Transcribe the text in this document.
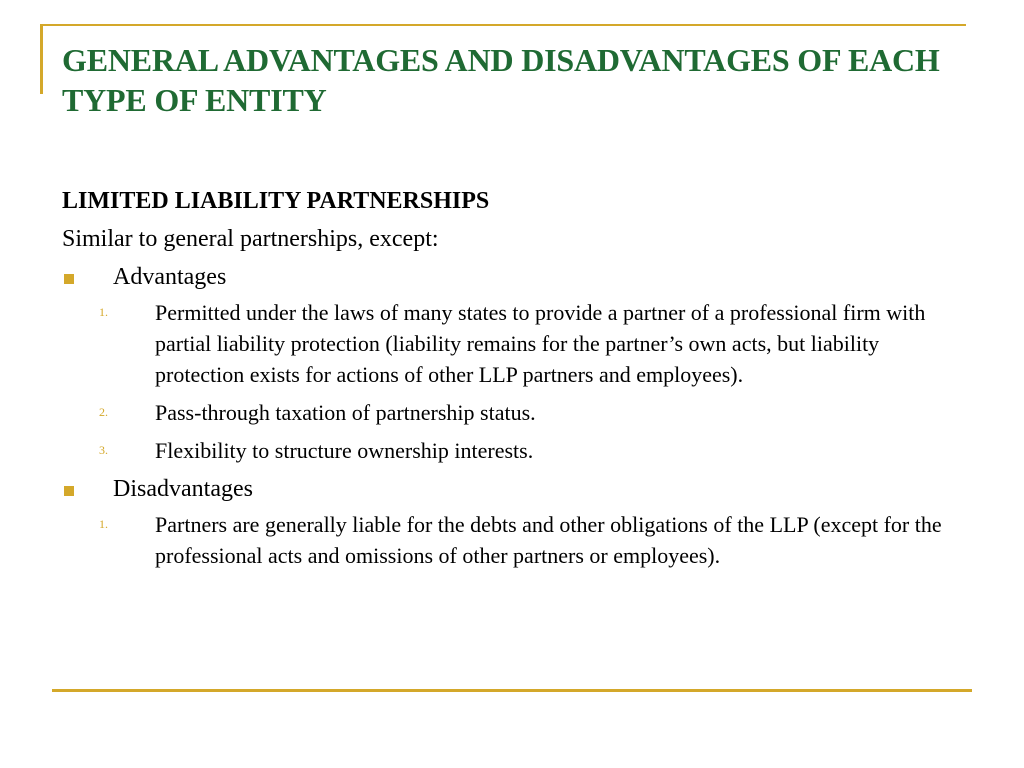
GENERAL ADVANTAGES AND DISADVANTAGES OF EACH TYPE OF ENTITY
LIMITED LIABILITY PARTNERSHIPS
Similar to general partnerships, except:
Advantages
1.	Permitted under the laws of many states to provide a partner of a professional firm with partial liability protection (liability remains for the partner’s own acts, but liability protection exists for actions of other LLP partners and employees).
2.	Pass-through taxation of partnership status.
3.	Flexibility to structure ownership interests.
Disadvantages
1.	Partners are generally liable for the debts and other obligations of the LLP (except for the professional acts and omissions of other partners or employees).
